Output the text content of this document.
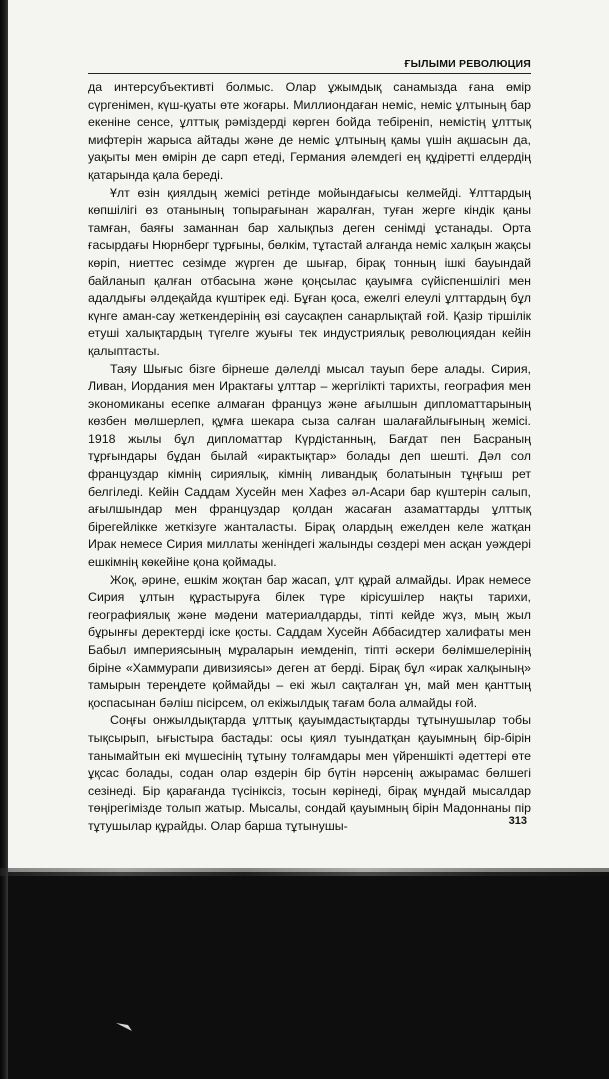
ҒЫЛЫМИ РЕВОЛЮЦИЯ

да интерсубъективті болмыс. Олар ұжымдық санамызда ғана өмір сүргенімен, күш-қуаты өте жоғары. Миллиондаған неміс, неміс ұлтының бар екеніне сенсе, ұлттық рәміздерді көрген бойда тебіреніп, немістің ұлттық мифтерін жарыса айтады және де неміс ұлтының қамы үшін ақшасын да, уақыты мен өмірін де сарп етеді, Германия әлемдегі ең құдіретті елдердің қатарында қала береді.

Ұлт өзін қиялдың жемісі ретінде мойындағысы келмейді. Ұлттардың көпшілігі өз отанының топырағынан жаралған, туған жерге кіндік қаны тамған, баяғы заманнан бар халықпыз деген сенімді ұстанады. Орта ғасырдағы Нюрнберг тұрғыны, бөлкім, тұтастай алғанда неміс халқын жақсы көріп, ниеттес сезімде жүрген де шығар, бірақ тонның ішкі бауындай байланып қалған отбасына және қоңсылас қауымға сүйіспеншілігі мен адалдығы әлдеқайда күштірек еді. Бұған қоса, ежелгі елеулі ұлттардың бұл күнге аман-сау жеткендерінің өзі саусақпен санарлықтай ғой. Қазір тіршілік етуші халықтардың түгелге жуығы тек индустриялық революциядан кейін қалыптасты.

Таяу Шығыс бізге бірнеше дәлелді мысал тауып бере алады. Сирия, Ливан, Иордания мен Ирактағы ұлттар – жергілікті тарихты, география мен экономиканы есепке алмаған француз және ағылшын дипломаттарының көзбен мөлшерлеп, құмға шекара сыза салған шалағайлығының жемісі. 1918 жылы бұл дипломаттар Күрдістанның, Бағдат пен Басраның тұрғындары бұдан былай «ирактықтар» болады деп шешті. Дәл сол француздар кімнің сириялық, кімнің ливандық болатынын тұңғыш рет белгіледі. Кейін Саддам Хусейн мен Хафез әл-Асари бар күштерін салып, ағылшындар мен француздар қолдан жасаған азаматтарды ұлттық бірегейлікке жеткізуге жанталасты. Бірақ олардың ежелден келе жатқан Ирак немесе Сирия миллаты женіндегі жалынды сөздері мен асқан уәждері ешкімнің көкейіне қона қоймады.

Жоқ, әрине, ешкім жоқтан бар жасап, ұлт құрай алмайды. Ирак немесе Сирия ұлтын құрастыруға білек түре кірісушілер нақты тарихи, географиялық және мәдени материалдарды, тіпті кейде жүз, мың жыл бұрынғы деректерді іске қосты. Саддам Хусейн Аббасидтер халифаты мен Бабыл империясының мұраларын иемденіп, тіпті әскери бөлімшелерінің біріне «Хаммурапи дивизиясы» деген ат берді. Бірақ бұл «ирак халқының» тамырын тереңдете қоймайды – екі жыл сақталған ұн, май мен қанттың қоспасынан бәліш пісірсем, ол екіжылдық тағам бола алмайды ғой.

Соңғы онжылдықтарда ұлттық қауымдастықтарды тұтынушылар тобы тықсырып, ығыстыра бастады: осы қиял туындатқан қауымның бір-бірін танымайтын екі мүшесінің тұтыну толғамдары мен үйреншікті әдеттері өте ұқсас болады, содан олар өздерін бір бүтін нәрсенің ажырамас бөлшегі сезінеді. Бір қарағанда түсініксіз, тосын көрінеді, бірақ мұндай мысалдар төңірегімізде толып жатыр. Мысалы, сондай қауымның бірін Мадоннаны пір тұтушылар құрайды. Олар барша тұтынушы-	313
